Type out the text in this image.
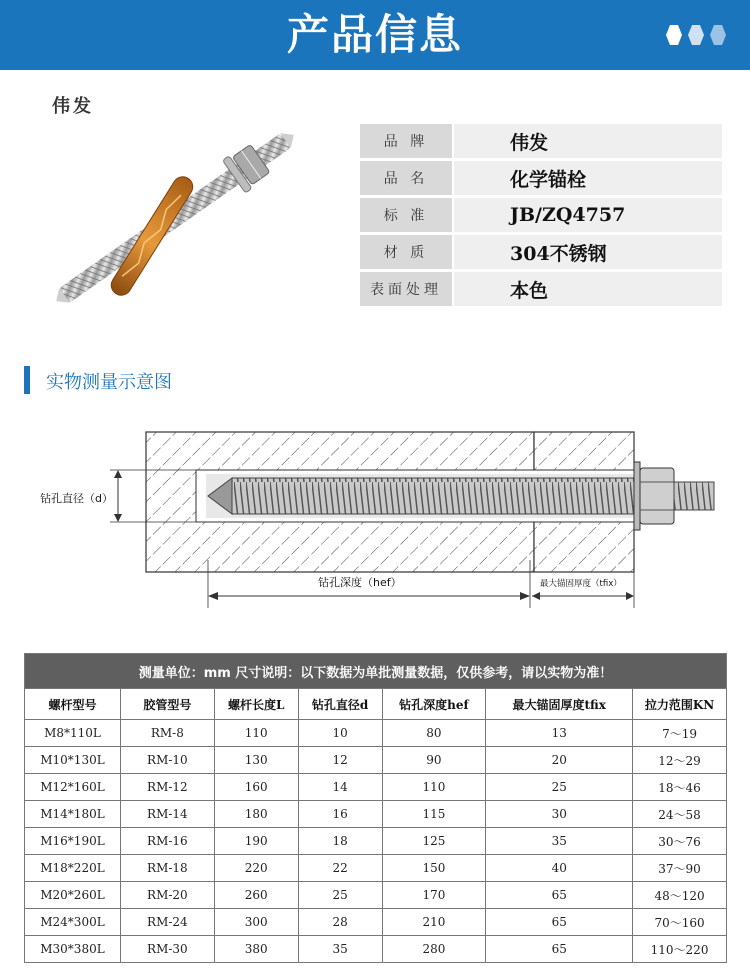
产品信息
伟发
品 牌	伟发
品 名	化学锚栓
标 准	JB/ZQ4757
材 质	304不锈钢
表面处理	本色
实物测量示意图
钻孔直径（d）
钻孔深度（hef）	最大锚固厚度（tfix）
测量单位：mm 尺寸说明：以下数据为单批测量数据，仅供参考，请以实物为准！						
螺杆型号	胶管型号	螺杆长度L	钻孔直径d	钻孔深度hef	最大锚固厚度tfix	拉力范围KN
M8*110L	RM-8	110	10	80	13	7～19
M10*130L	RM-10	130	12	90	20	12～29
M12*160L	RM-12	160	14	110	25	18～46
M14*180L	RM-14	180	16	115	30	24～58
M16*190L	RM-16	190	18	125	35	30～76
M18*220L	RM-18	220	22	150	40	37～90
M20*260L	RM-20	260	25	170	65	48～120
M24*300L	RM-24	300	28	210	65	70～160
M30*380L	RM-30	380	35	280	65	110～220
